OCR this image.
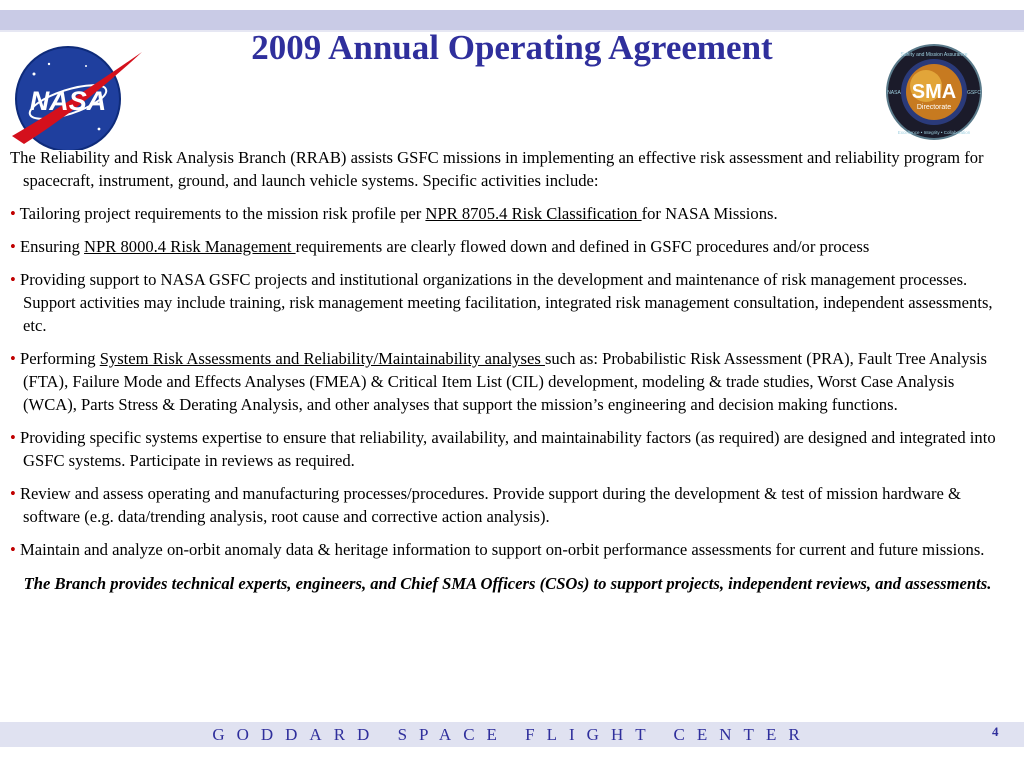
2009 Annual Operating Agreement
NASA	SMA
Directorate
Safety and Mission Assurance
Excellence • Integrity • Collaboration
NASA	GSFC

The Reliability and Risk Analysis Branch (RRAB) assists GSFC missions in implementing an effective risk assessment and reliability program for spacecraft, instrument, ground, and launch vehicle systems. Specific activities include:

• Tailoring project requirements to the mission risk profile per NPR 8705.4 Risk Classification for NASA Missions.

• Ensuring NPR 8000.4 Risk Management requirements are clearly flowed down and defined in GSFC procedures and/or process

• Providing support to NASA GSFC projects and institutional organizations in the development and maintenance of risk management processes. Support activities may include training, risk management meeting facilitation, integrated risk management consultation, independent assessments, etc.

• Performing System Risk Assessments and Reliability/Maintainability analyses such as: Probabilistic Risk Assessment (PRA), Fault Tree Analysis (FTA), Failure Mode and Effects Analyses (FMEA) & Critical Item List (CIL) development, modeling & trade studies, Worst Case Analysis (WCA), Parts Stress & Derating Analysis, and other analyses that support the mission’s engineering and decision making functions.

• Providing specific systems expertise to ensure that reliability, availability, and maintainability factors (as required) are designed and integrated into GSFC systems. Participate in reviews as required.

• Review and assess operating and manufacturing processes/procedures. Provide support during the development & test of mission hardware & software (e.g. data/trending analysis, root cause and corrective action analysis).

• Maintain and analyze on-orbit anomaly data & heritage information to support on-orbit performance assessments for current and future missions.

The Branch provides technical experts, engineers, and Chief SMA Officers (CSOs) to support projects, independent reviews, and assessments.

GODDARD SPACE FLIGHT CENTER	4
